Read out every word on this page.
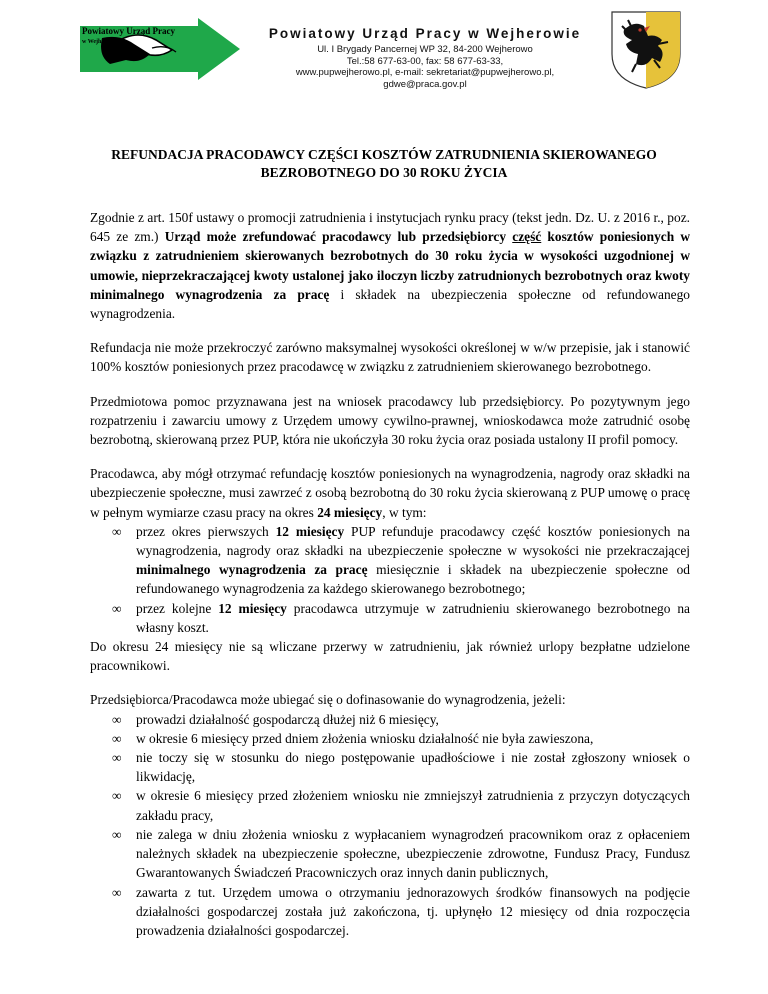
Powiatowy Urząd Pracy
w Wejherowie
Powiatowy Urząd Pracy w Wejherowie
Ul. I Brygady Pancernej WP 32, 84-200 Wejherowo
Tel.:58 677-63-00, fax: 58 677-63-33,
www.pupwejherowo.pl, e-mail: sekretariat@pupwejherowo.pl,
gdwe@praca.gov.pl
REFUNDACJA PRACODAWCY CZĘŚCI KOSZTÓW ZATRUDNIENIA SKIEROWANEGO
BEZROBOTNEGO DO 30 ROKU ŻYCIA

Zgodnie z art. 150f ustawy o promocji zatrudnienia i instytucjach rynku pracy (tekst jedn. Dz. U. z 2016 r., poz. 645 ze zm.) Urząd może zrefundować pracodawcy lub przedsiębiorcy część kosztów poniesionych w związku z zatrudnieniem skierowanych bezrobotnych do 30 roku życia w wysokości uzgodnionej w umowie, nieprzekraczającej kwoty ustalonej jako iloczyn liczby zatrudnionych bezrobotnych oraz kwoty minimalnego wynagrodzenia za pracę i składek na ubezpieczenia społeczne od refundowanego wynagrodzenia.

Refundacja nie może przekroczyć zarówno maksymalnej wysokości określonej w w/w przepisie, jak i stanowić 100% kosztów poniesionych przez pracodawcę w związku z zatrudnieniem skierowanego bezrobotnego.

Przedmiotowa pomoc przyznawana jest na wniosek pracodawcy lub przedsiębiorcy. Po pozytywnym jego rozpatrzeniu i zawarciu umowy z Urzędem umowy cywilno-prawnej, wnioskodawca może zatrudnić osobę bezrobotną, skierowaną przez PUP, która nie ukończyła 30 roku życia oraz posiada ustalony II profil pomocy.

Pracodawca, aby mógł otrzymać refundację kosztów poniesionych na wynagrodzenia, nagrody oraz składki na ubezpieczenie społeczne, musi zawrzeć z osobą bezrobotną do 30 roku życia skierowaną z PUP umowę o pracę w pełnym wymiarze czasu pracy na okres 24 miesięcy, w tym:

∞ przez okres pierwszych 12 miesięcy PUP refunduje pracodawcy część kosztów poniesionych na wynagrodzenia, nagrody oraz składki na ubezpieczenie społeczne w wysokości nie przekraczającej minimalnego wynagrodzenia za pracę miesięcznie i składek na ubezpieczenie społeczne od refundowanego wynagrodzenia za każdego skierowanego bezrobotnego;
∞ przez kolejne 12 miesięcy pracodawca utrzymuje w zatrudnieniu skierowanego bezrobotnego na własny koszt.

Do okresu 24 miesięcy nie są wliczane przerwy w zatrudnieniu, jak również urlopy bezpłatne udzielone pracownikowi.

Przedsiębiorca/Pracodawca może ubiegać się o dofinasowanie do wynagrodzenia, jeżeli:

∞ prowadzi działalność gospodarczą dłużej niż 6 miesięcy,
∞ w okresie 6 miesięcy przed dniem złożenia wniosku działalność nie była zawieszona,
∞ nie toczy się w stosunku do niego postępowanie upadłościowe i nie został zgłoszony wniosek o likwidację,
∞ w okresie 6 miesięcy przed złożeniem wniosku nie zmniejszył zatrudnienia z przyczyn dotyczących zakładu pracy,
∞ nie zalega w dniu złożenia wniosku z wypłacaniem wynagrodzeń pracownikom oraz z opłaceniem należnych składek na ubezpieczenie społeczne, ubezpieczenie zdrowotne, Fundusz Pracy, Fundusz Gwarantowanych Świadczeń Pracowniczych oraz innych danin publicznych,
∞ zawarta z tut. Urzędem umowa o otrzymaniu jednorazowych środków finansowych na podjęcie działalności gospodarczej została już zakończona, tj. upłynęło 12 miesięcy od dnia rozpoczęcia prowadzenia działalności gospodarczej.
